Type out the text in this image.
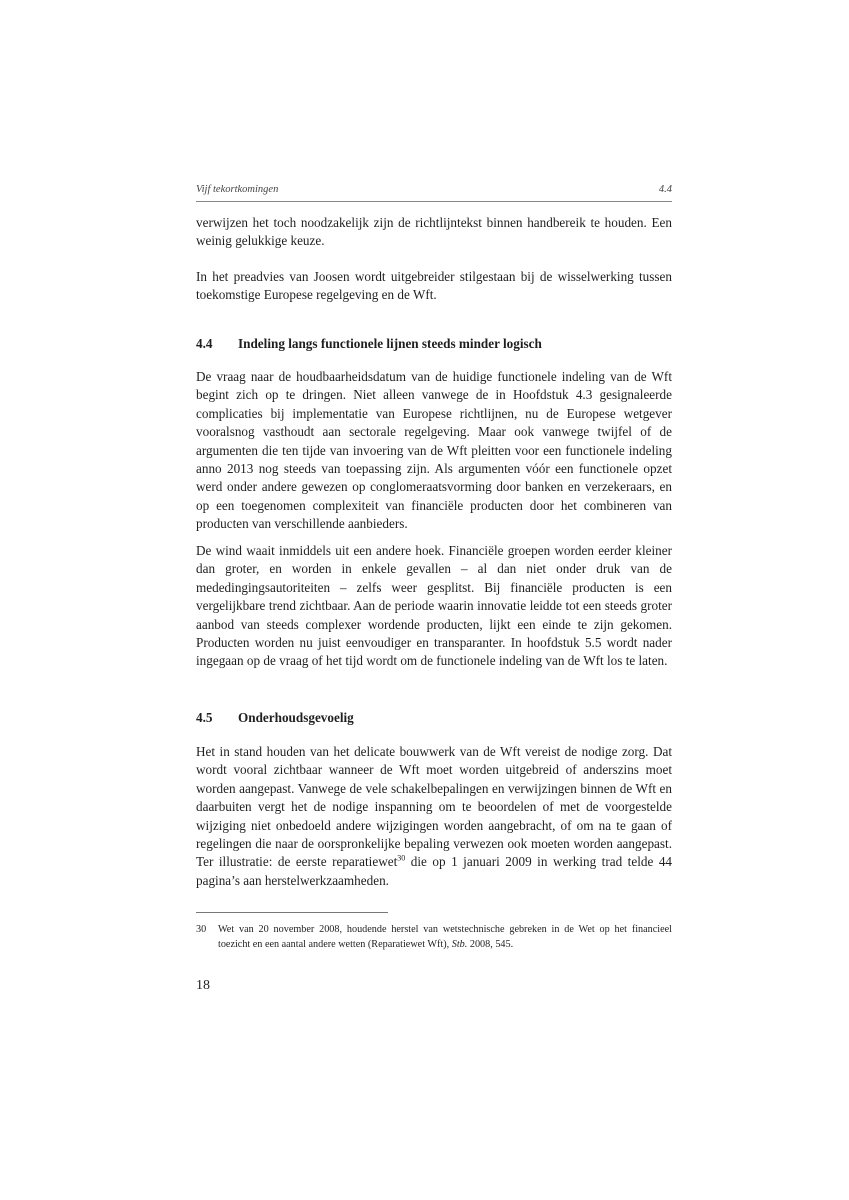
Vijf tekortkomingen	4.4

verwijzen het toch noodzakelijk zijn de richtlijntekst binnen handbereik te houden. Een weinig gelukkige keuze.

In het preadvies van Joosen wordt uitgebreider stilgestaan bij de wisselwerking tussen toekomstige Europese regelgeving en de Wft.

4.4 Indeling langs functionele lijnen steeds minder logisch

De vraag naar de houdbaarheidsdatum van de huidige functionele indeling van de Wft begint zich op te dringen. Niet alleen vanwege de in Hoofdstuk 4.3 gesignaleerde complicaties bij implementatie van Europese richtlijnen, nu de Europese wetgever vooralsnog vasthoudt aan sectorale regelgeving. Maar ook vanwege twijfel of de argumenten die ten tijde van invoering van de Wft pleitten voor een functionele indeling anno 2013 nog steeds van toepassing zijn. Als argumenten vóór een functionele opzet werd onder andere gewezen op conglomeraatsvorming door banken en verzekeraars, en op een toegenomen complexiteit van financiële producten door het combineren van producten van verschillende aanbieders.

De wind waait inmiddels uit een andere hoek. Financiële groepen worden eerder kleiner dan groter, en worden in enkele gevallen – al dan niet onder druk van de mededingingsautoriteiten – zelfs weer gesplitst. Bij financiële producten is een vergelijkbare trend zichtbaar. Aan de periode waarin innovatie leidde tot een steeds groter aanbod van steeds complexer wordende producten, lijkt een einde te zijn gekomen. Producten worden nu juist eenvoudiger en transparanter. In hoofdstuk 5.5 wordt nader ingegaan op de vraag of het tijd wordt om de functionele indeling van de Wft los te laten.

4.5 Onderhoudsgevoelig

Het in stand houden van het delicate bouwwerk van de Wft vereist de nodige zorg. Dat wordt vooral zichtbaar wanneer de Wft moet worden uitgebreid of anderszins moet worden aangepast. Vanwege de vele schakelbepalingen en verwijzingen binnen de Wft en daarbuiten vergt het de nodige inspanning om te beoordelen of met de voorgestelde wijziging niet onbedoeld andere wijzigingen worden aangebracht, of om na te gaan of regelingen die naar de oorspronkelijke bepaling verwezen ook moeten worden aangepast. Ter illustratie: de eerste reparatiewet$^{30}$ die op 1 januari 2009 in werking trad telde 44 pagina’s aan herstelwerkzaamheden.

30 Wet van 20 november 2008, houdende herstel van wetstechnische gebreken in de Wet op het financieel toezicht en een aantal andere wetten (Reparatiewet Wft), Stb. 2008, 545.
18
